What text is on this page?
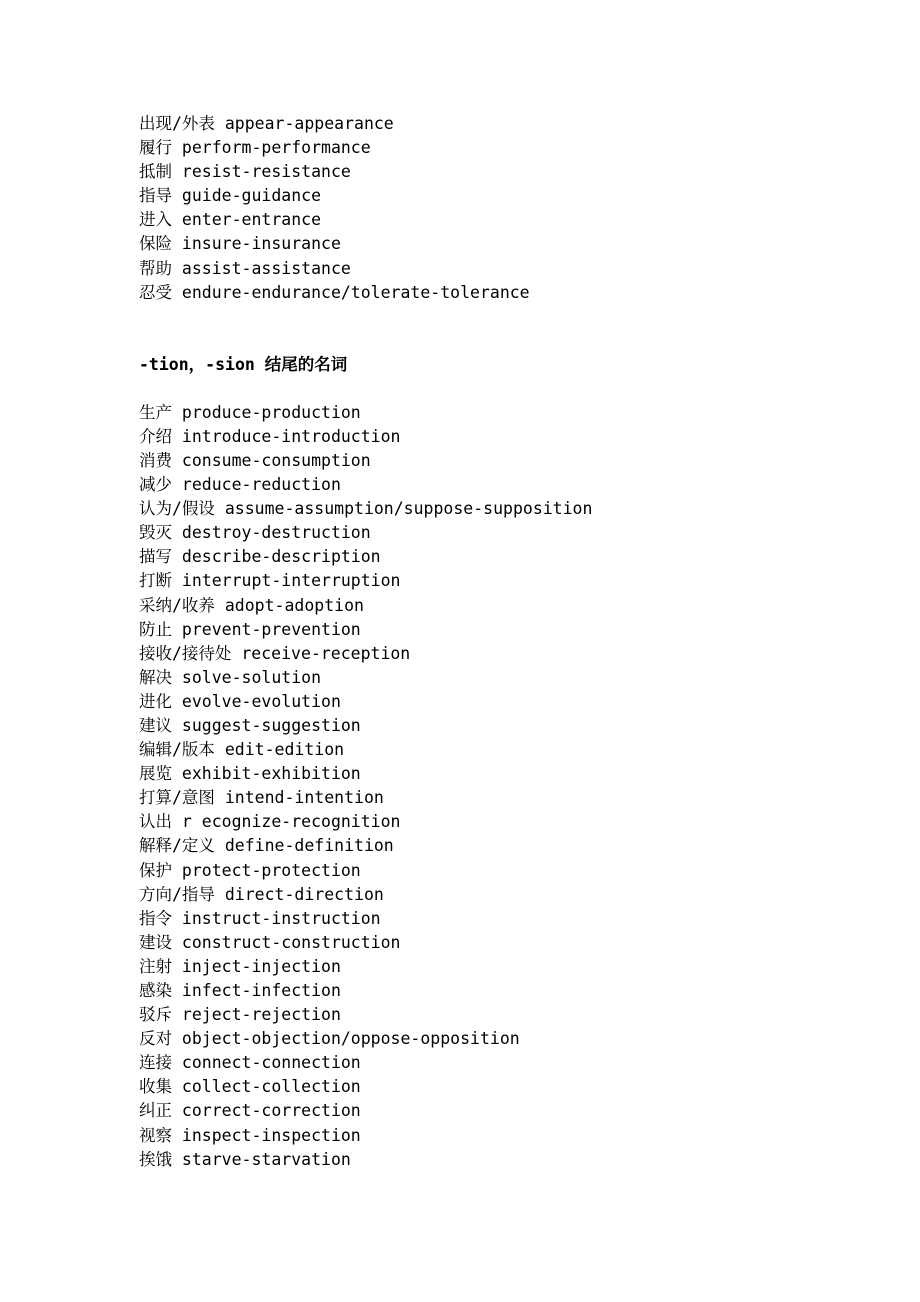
出现/外表 appear-appearance
履行 perform-performance
抵制 resist-resistance
指导 guide-guidance
进入 enter-entrance
保险 insure-insurance
帮助 assist-assistance
忍受 endure-endurance/tolerate-tolerance
-tion，-sion 结尾的名词
生产 produce-production
介绍 introduce-introduction
消费 consume-consumption
减少 reduce-reduction
认为/假设 assume-assumption/suppose-supposition
毁灭 destroy-destruction
描写 describe-description
打断 interrupt-interruption
采纳/收养 adopt-adoption
防止 prevent-prevention
接收/接待处 receive-reception
解决 solve-solution
进化 evolve-evolution
建议 suggest-suggestion
编辑/版本 edit-edition
展览 exhibit-exhibition
打算/意图 intend-intention
认出 r ecognize-recognition
解释/定义 define-definition
保护 protect-protection
方向/指导 direct-direction
指令 instruct-instruction
建设 construct-construction
注射 inject-injection
感染 infect-infection
驳斥 reject-rejection
反对 object-objection/oppose-opposition
连接 connect-connection
收集 collect-collection
纠正 correct-correction
视察 inspect-inspection
挨饿 starve-starvation
